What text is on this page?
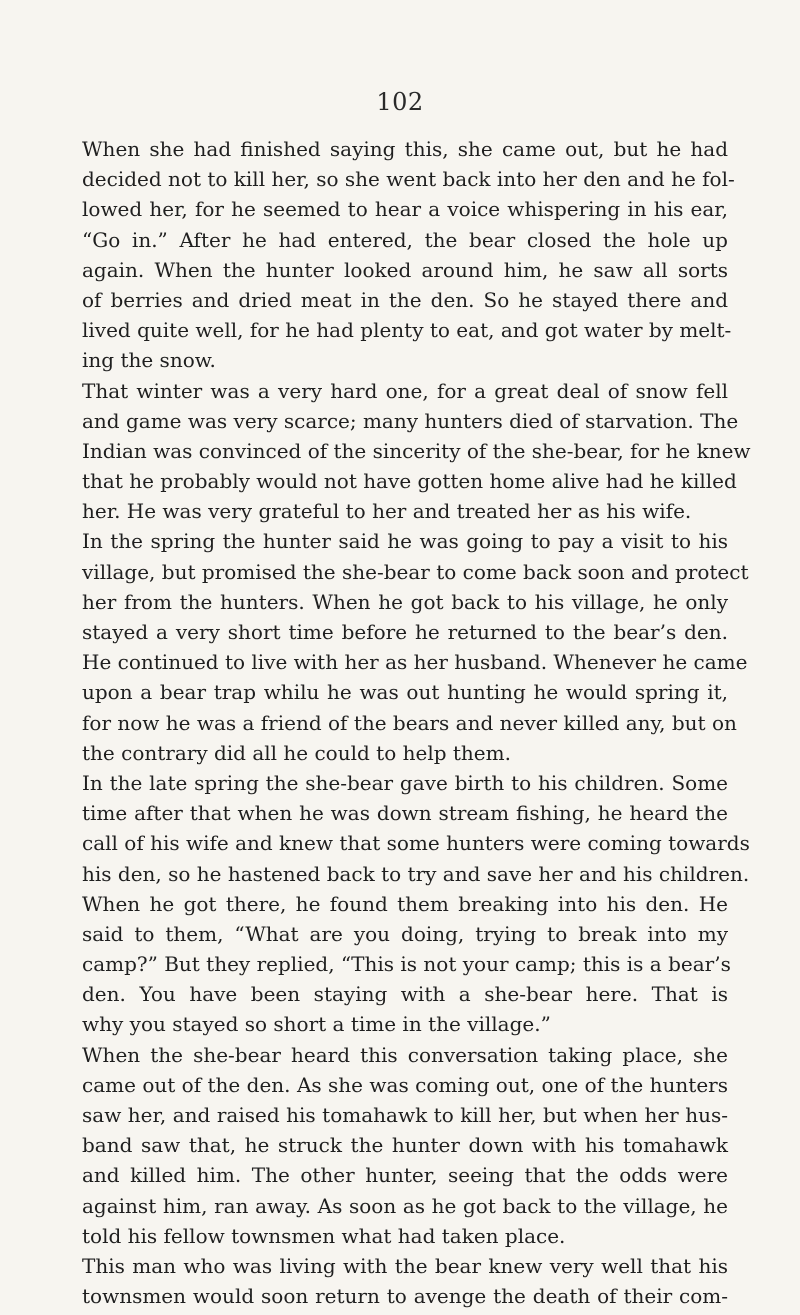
102
When she had finished saying this, she came out, but he had
decided not to kill her, so she went back into her den and he fol-
lowed her, for he seemed to hear a voice whispering in his ear,
“Go in.” After he had entered, the bear closed the hole up
again. When the hunter looked around him, he saw all sorts
of berries and dried meat in the den. So he stayed there and
lived quite well, for he had plenty to eat, and got water by melt-
ing the snow.
That winter was a very hard one, for a great deal of snow fell
and game was very scarce; many hunters died of starvation. The
Indian was convinced of the sincerity of the she-bear, for he knew
that he probably would not have gotten home alive had he killed
her. He was very grateful to her and treated her as his wife.
In the spring the hunter said he was going to pay a visit to his
village, but promised the she-bear to come back soon and protect
her from the hunters. When he got back to his village, he only
stayed a very short time before he returned to the bear’s den.
He continued to live with her as her husband. Whenever he came
upon a bear trap whilu he was out hunting he would spring it,
for now he was a friend of the bears and never killed any, but on
the contrary did all he could to help them.
In the late spring the she-bear gave birth to his children. Some
time after that when he was down stream fishing, he heard the
call of his wife and knew that some hunters were coming towards
his den, so he hastened back to try and save her and his children.
When he got there, he found them breaking into his den. He
said to them, “What are you doing, trying to break into my
camp?” But they replied, “This is not your camp; this is a bear’s
den. You have been staying with a she-bear here. That is
why you stayed so short a time in the village.”
When the she-bear heard this conversation taking place, she
came out of the den. As she was coming out, one of the hunters
saw her, and raised his tomahawk to kill her, but when her hus-
band saw that, he struck the hunter down with his tomahawk
and killed him. The other hunter, seeing that the odds were
against him, ran away. As soon as he got back to the village, he
told his fellow townsmen what had taken place.
This man who was living with the bear knew very well that his
townsmen would soon return to avenge the death of their com-
